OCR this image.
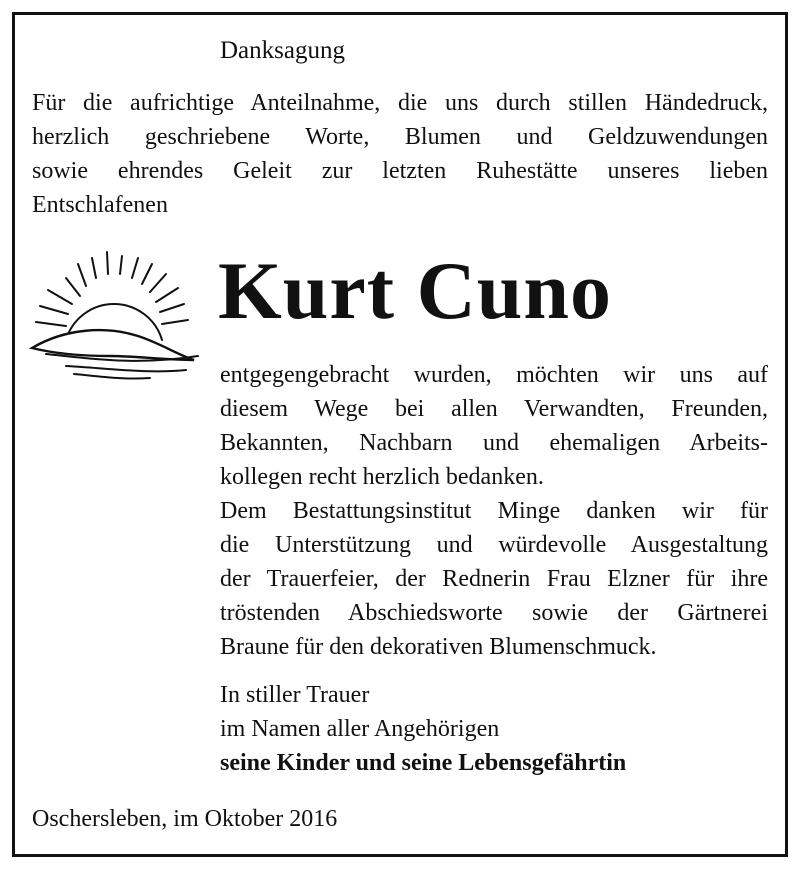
Danksagung
Für die aufrichtige Anteilnahme, die uns durch stillen Händedruck,
herzlich geschriebene Worte, Blumen und Geldzuwendungen
sowie ehrendes Geleit zur letzten Ruhestätte unseres lieben
Entschlafenen
Kurt Cuno
entgegengebracht wurden, möchten wir uns auf
diesem Wege bei allen Verwandten, Freunden,
Bekannten, Nachbarn und ehemaligen Arbeits-
kollegen recht herzlich bedanken.
Dem Bestattungsinstitut Minge danken wir für
die Unterstützung und würdevolle Ausgestaltung
der Trauerfeier, der Rednerin Frau Elzner für ihre
tröstenden Abschiedsworte sowie der Gärtnerei
Braune für den dekorativen Blumenschmuck.
In stiller Trauer
im Namen aller Angehörigen
seine Kinder und seine Lebensgefährtin
Oschersleben, im Oktober 2016
